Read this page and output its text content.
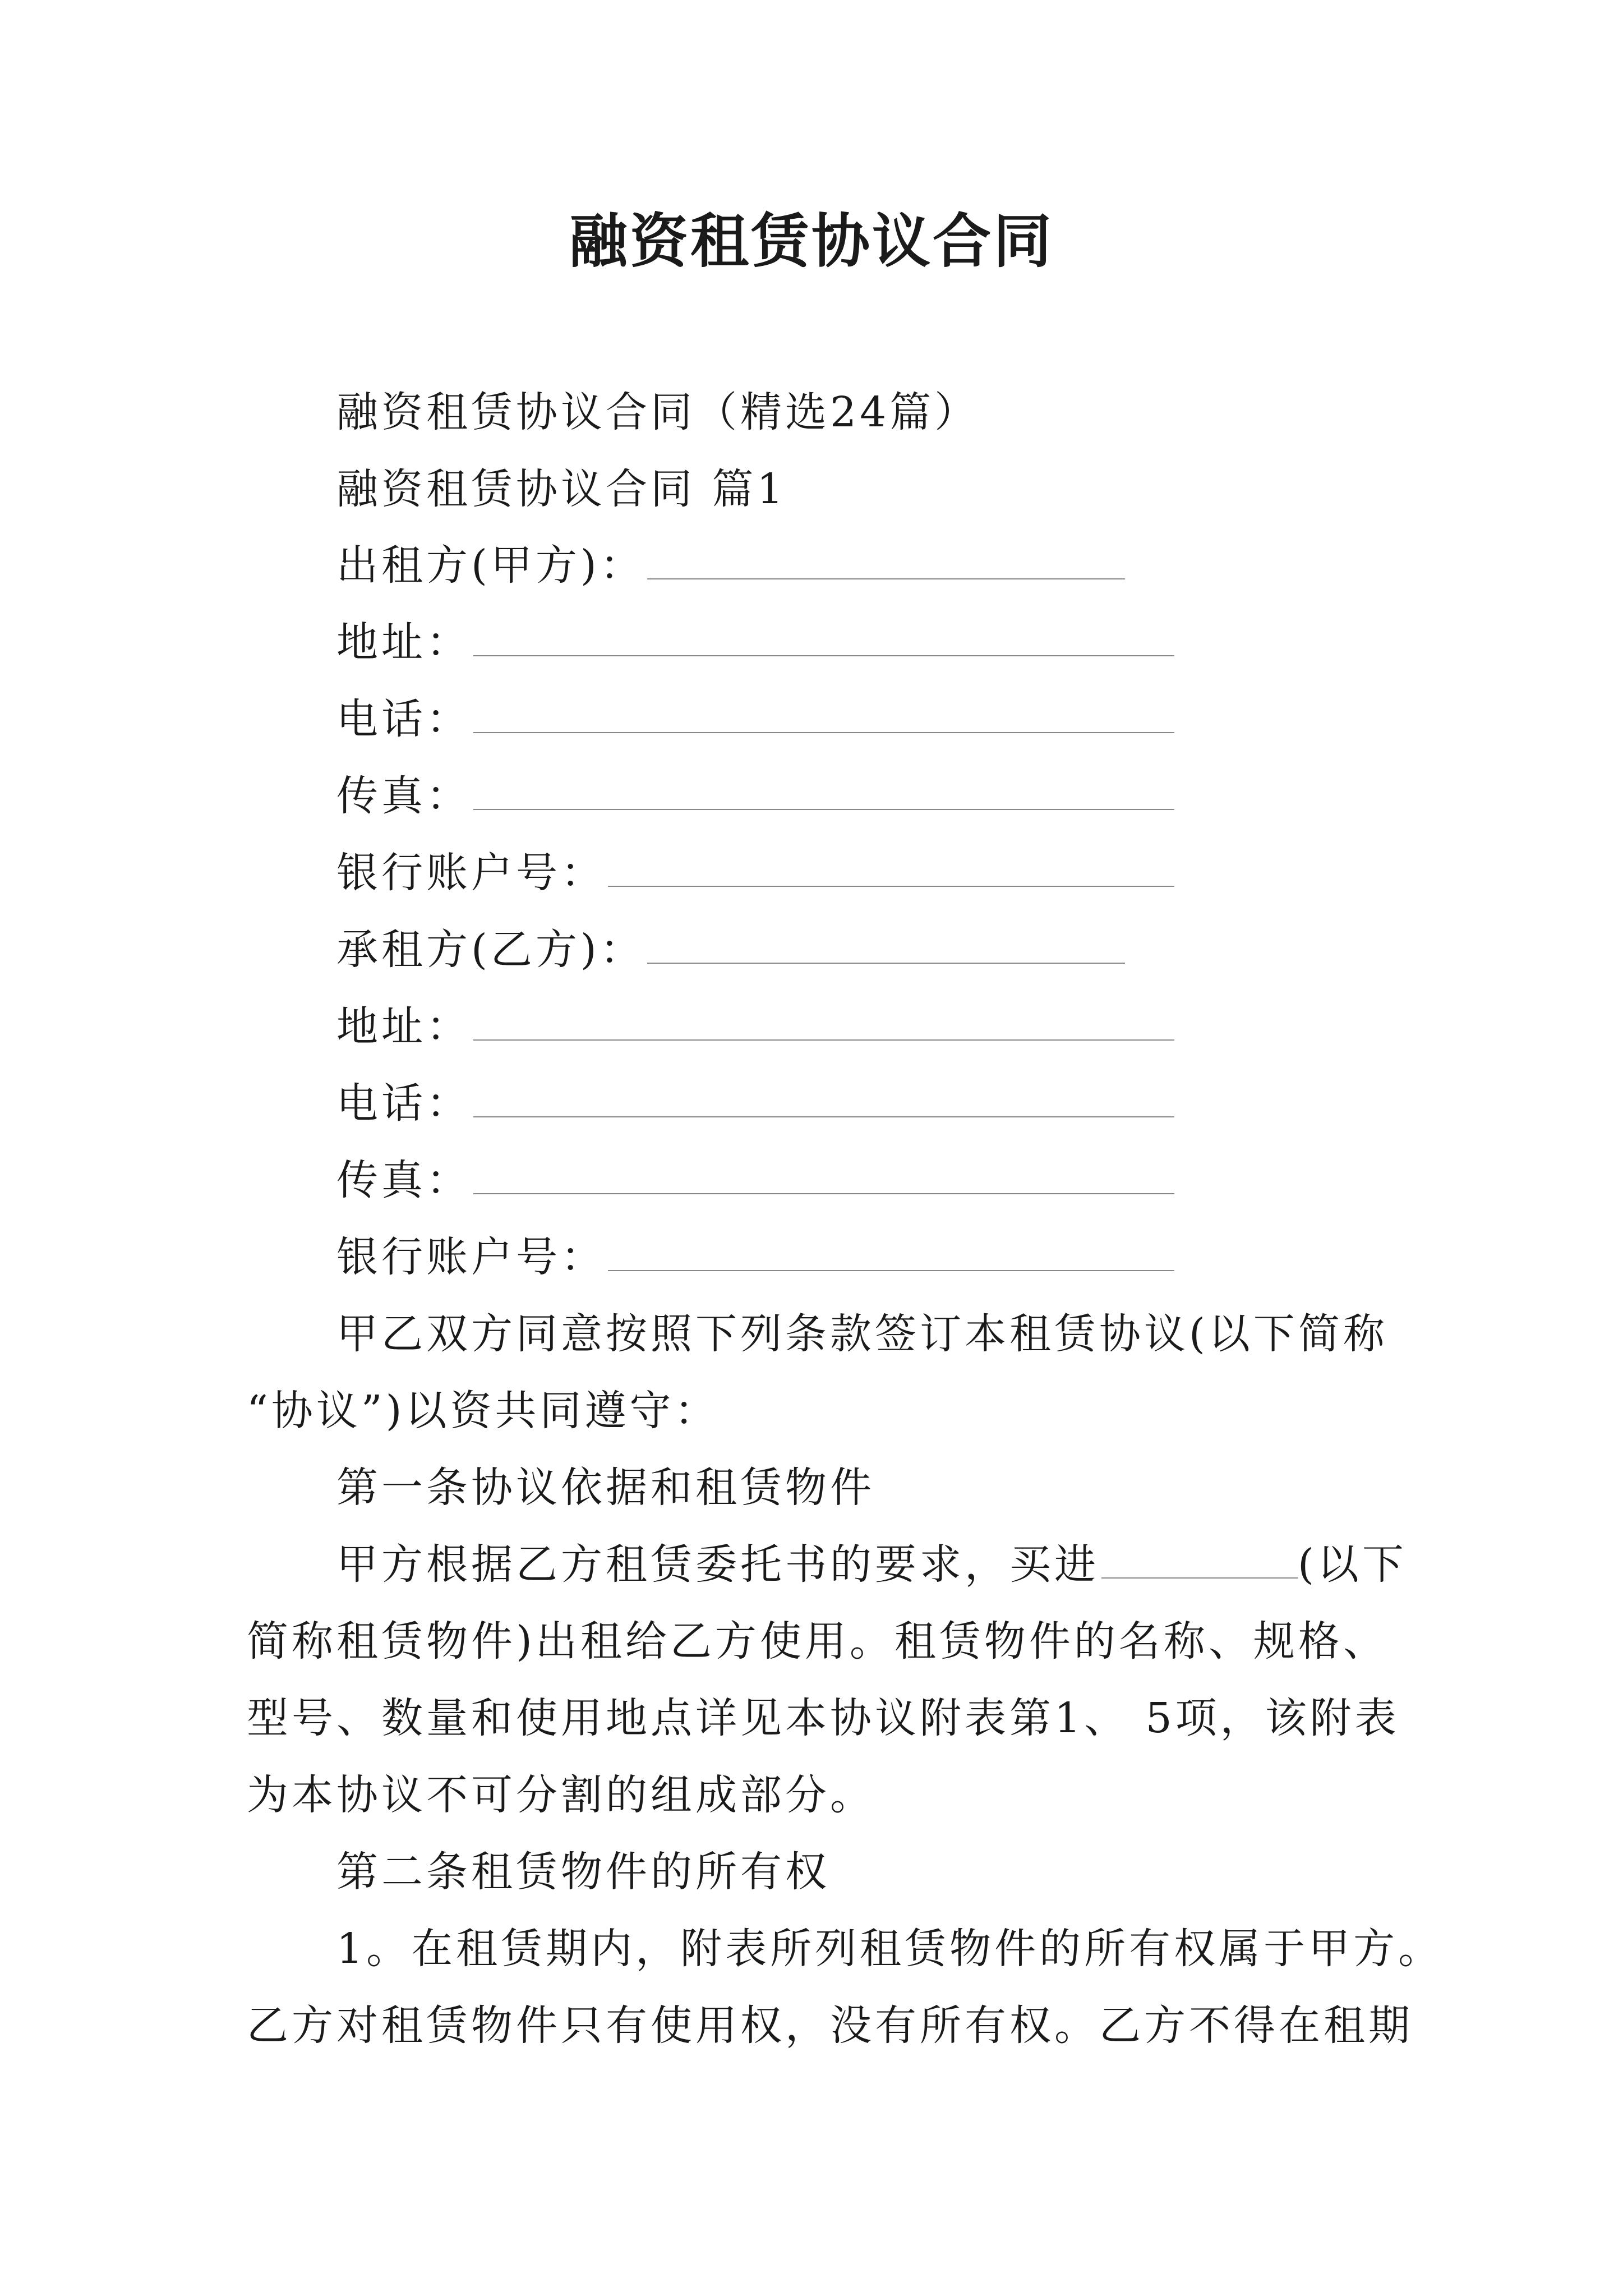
融资租赁协议合同
融资租赁协议合同（精选24篇）
融资租赁协议合同 篇1
出租方(甲方)：
地址：
电话：
传真：
银行账户号：
承租方(乙方)：
地址：
电话：
传真：
银行账户号：
甲乙双方同意按照下列条款签订本租赁协议(以下简称
“协议”)以资共同遵守：
第一条协议依据和租赁物件
甲方根据乙方租赁委托书的要求，买进	(以下
简称租赁物件)出租给乙方使用。租赁物件的名称、规格、
型号、数量和使用地点详见本协议附表第1、 5项，该附表
为本协议不可分割的组成部分。
第二条租赁物件的所有权
1。在租赁期内，附表所列租赁物件的所有权属于甲方。
乙方对租赁物件只有使用权，没有所有权。乙方不得在租期
